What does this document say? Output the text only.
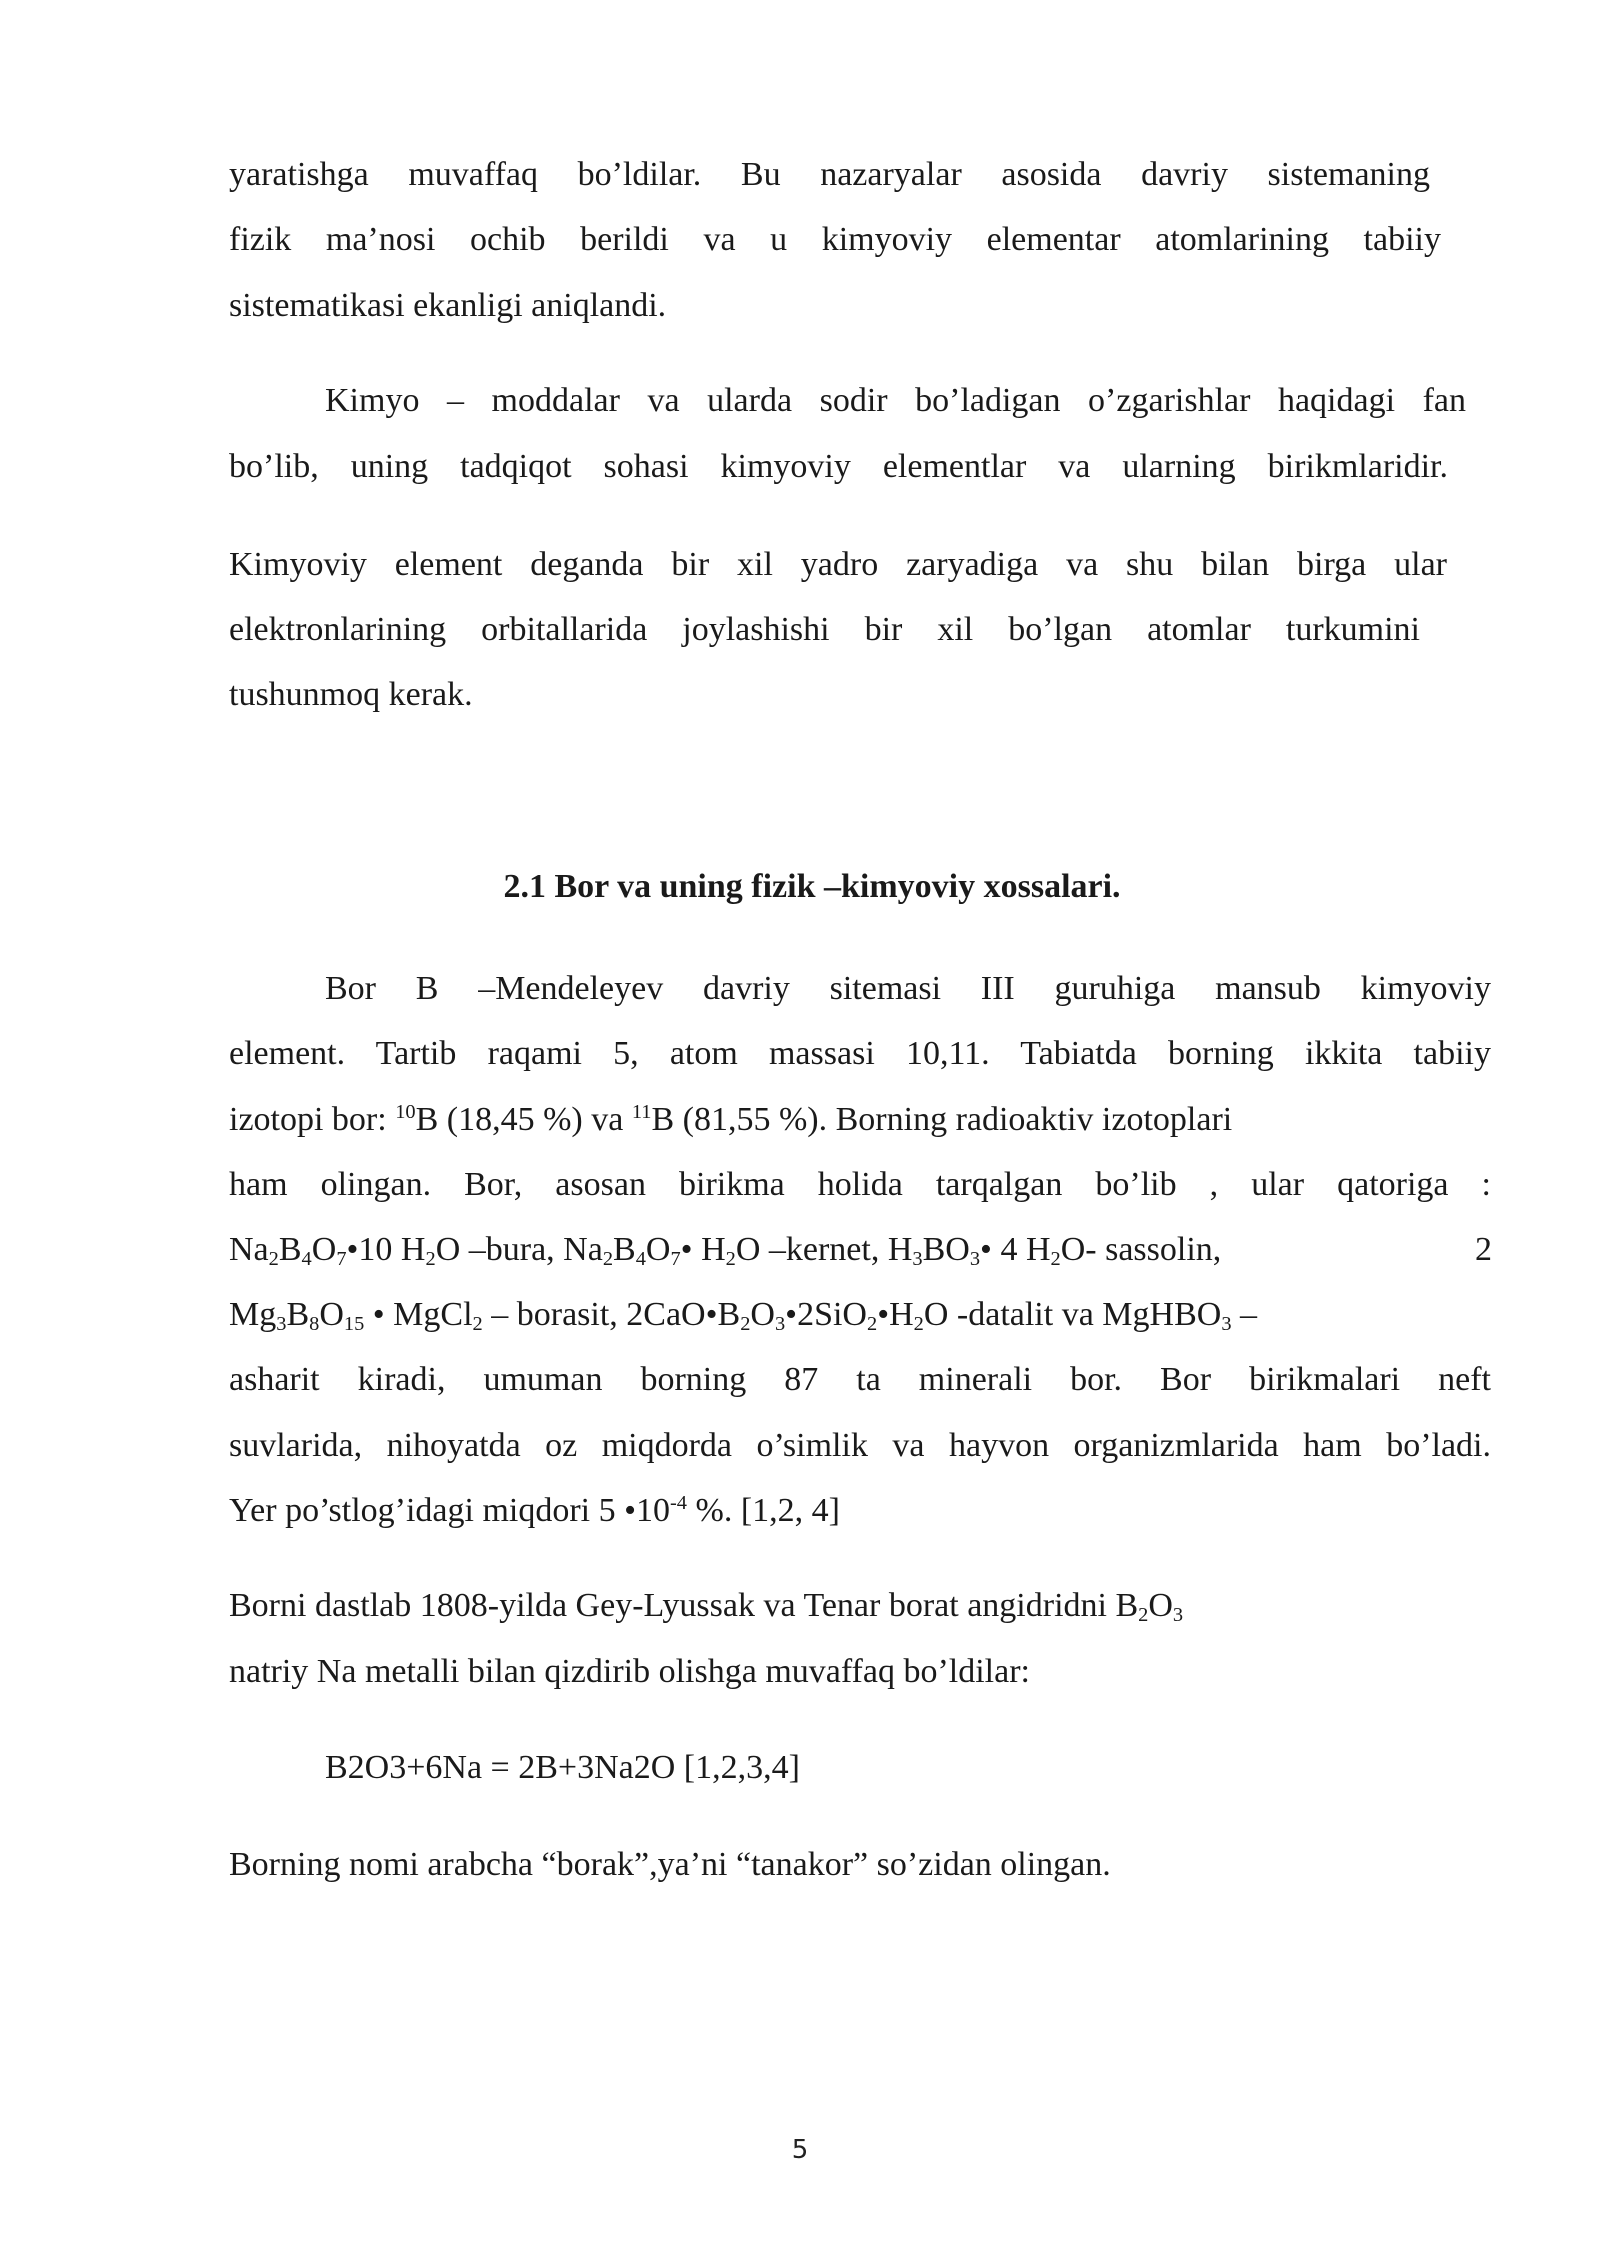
yaratishga muvaffaq bo’ldilar. Bu nazaryalar asosida davriy sistemaning
fizik ma’nosi ochib berildi va u kimyoviy elementar atomlarining tabiiy
sistematikasi ekanligi aniqlandi.
Kimyo – moddalar va ularda sodir bo’ladigan o’zgarishlar haqidagi fan
bo’lib, uning tadqiqot sohasi kimyoviy elementlar va ularning birikmlaridir.
Kimyoviy element deganda bir xil yadro zaryadiga va shu bilan birga ular
elektronlarining orbitallarida joylashishi bir xil bo’lgan atomlar turkumini
tushunmoq kerak.
2.1 Bor va uning fizik –kimyoviy xossalari.
Bor B –Mendeleyev davriy sitemasi III guruhiga mansub kimyoviy
element. Tartib raqami 5, atom massasi 10,11. Tabiatda borning ikkita tabiiy
izotopi bor: $^{10}$B (18,45 %) va $^{11}$B (81,55 %). Borning radioaktiv izotoplari
ham olingan. Bor, asosan birikma holida tarqalgan bo’lib , ular qatoriga :
$Na_2B_4O_7•10$ $H_2O$ –bura, $Na_2B_4O_7•$ $H_2O$ –kernet, $H_3BO_3•$ 4 $H_2O-$ sassolin,	2
$Mg_3B_8O_{15}$ • MgCl$_2$ – borasit, $2CaO•B_2O_3•2SiO_2•H_2O$ -datalit va MgHBO$_3$ –
asharit kiradi, umuman borning 87 ta minerali bor. Bor birikmalari neft
suvlarida, nihoyatda oz miqdorda o’simlik va hayvon organizmlarida ham bo’ladi.
Yer po’stlog’idagi miqdori 5 $•10^{-4}$ %. [1,2, 4]
Borni dastlab 1808-yilda Gey-Lyussak va Tenar borat angidridni $B_2O_3$
natriy Na metalli bilan qizdirib olishga muvaffaq bo’ldilar:
B2O3+6Na = 2B+3Na2O [1,2,3,4]
Borning nomi arabcha “borak”,ya’ni “tanakor” so’zidan olingan.
5
